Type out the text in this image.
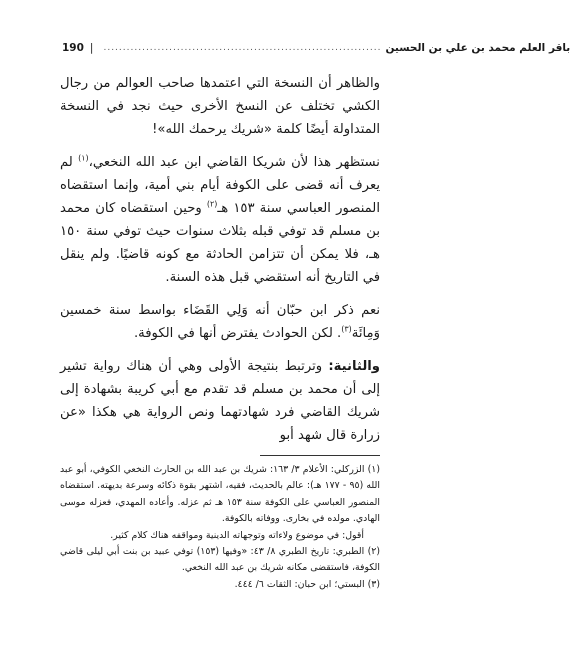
190 | ........................................................................ باقر العلم محمد بن علي بن الحسين

والظاهر أن النسخة التي اعتمدها صاحب العوالم من رجال الكشي تختلف عن النسخ الأخرى حيث نجد في النسخة المتداولة أيضًا كلمة «شريك يرحمك الله»!

نستظهر هذا لأن شريكا القاضي ابن عبد الله النخعي،$^{(١)}$ لم يعرف أنه قضى على الكوفة أيام بني أمية، وإنما استقضاه المنصور العباسي سنة ١٥٣ هـ$^{(٢)}$ وحين استقضاه كان محمد بن مسلم قد توفي قبله بثلاث سنوات حيث توفي سنة ١٥٠ هـ، فلا يمكن أن تتزامن الحادثة مع كونه قاضيًا. ولم ينقل في التاريخ أنه استقضي قبل هذه السنة.

نعم ذكر ابن حبّان أنه وَلِي القَضَاء بواسط سنة خمسين وَمِائَة$^{(٣)}$. لكن الحوادث يفترض أنها في الكوفة.

والثانية: وترتبط بنتيجة الأولى وهي أن هناك رواية تشير إلى أن محمد بن مسلم قد تقدم مع أبي كريبة بشهادة إلى شريك القاضي فرد شهادتهما ونص الرواية هي هكذا «عن زرارة قال شهد أبو

(١) الزركلي: الأعلام ٣/ ١٦٣: شريك بن عبد الله بن الحارث النخعي الكوفي، أبو عبد الله (٩٥ - ١٧٧ هـ): عالم بالحديث، فقيه، اشتهر بقوة ذكائه وسرعة بديهته. استقضاه المنصور العباسي على الكوفة سنة ١٥٣ هـ ثم عزله. وأعاده المهدي، فعزله موسى الهادي. مولده في بخارى. ووفاته بالكوفة.

أقول: في موضوع ولاءاته وتوجهاته الدينية ومواقفه هناك كلام كثير.

(٢) الطبري: تاريخ الطبري ٨/ ٤٣: «وفيها (١٥٣) توفي عبيد بن بنت أبي ليلى قاضي الكوفة، فاستقضى مكانه شريك بن عبد الله النخعي.

(٣) البستي؛ ابن حبان: الثقات ٦/ ٤٤٤.
